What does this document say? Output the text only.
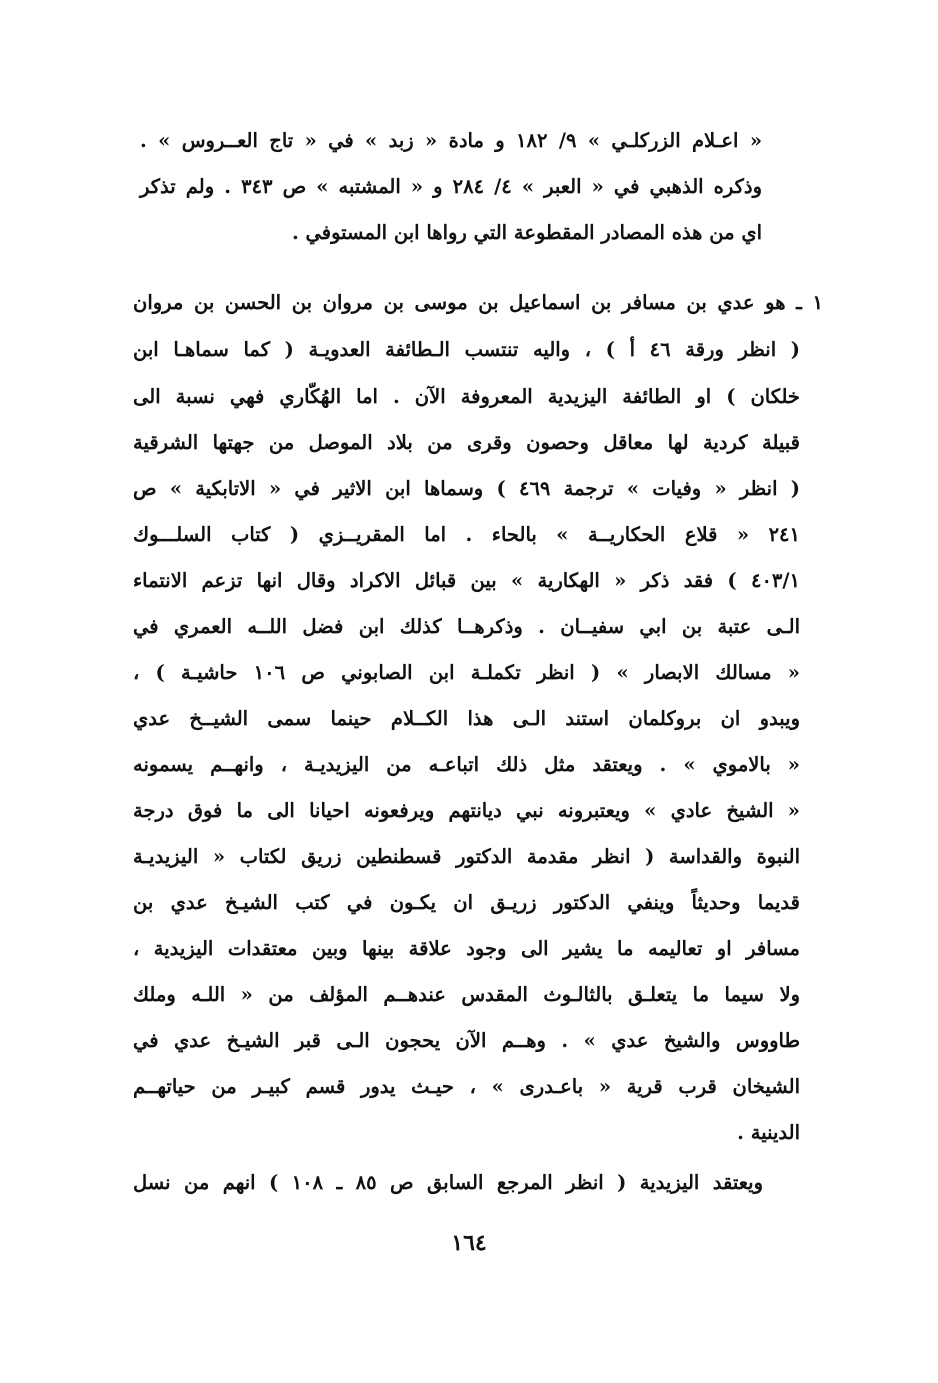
« اعـلام الزركلـي » ٩/ ١٨٢ و مادة « زبد » في « تاج العــروس » .
وذكره الذهبي في « العبر » ٤/ ٢٨٤ و « المشتبه » ص ٣٤٣ . ولم تذكر
اي من هذه المصادر المقطوعة التي رواها ابن المستوفي .
١ ـ هو عدي بن مسافر بن اسماعيل بن موسى بن مروان بن الحسن بن مروان
( انظر ورقة ٤٦ أ ) ، واليه تنتسب الـطائفة العدويـة ( كما سماهـا ابن
خلكان ) او الطائفة اليزيدية المعروفة الآن . اما الهُكّاري فهي نسبة الى
قبيلة كردية لها معاقل وحصون وقرى من بلاد الموصل من جهتها الشرقية
( انظر « وفيات » ترجمة ٤٦٩ ) وسماها ابن الاثير في « الاتابكية » ص
٢٤١ « قلاع الحكاريــة » بالحاء . اما المقريــزي ( كتاب السلـــوك
٤٠٣/١ ) فقد ذكر « الهكارية » بين قبائل الاكراد وقال انها تزعم الانتماء
الـى عتبة بن ابي سفيــان . وذكرهــا كذلك ابن فضل اللــه العمري في
« مسالك الابصار » ( انظر تكملـة ابن الصابوني ص ١٠٦ حاشيـة ) ،
ويبدو ان بروكلمان استند الـى هذا الكــلام حينما سمى الشيــخ عدي
« بالاموي » . ويعتقد مثل ذلك اتباعـه من اليزيديـة ، وانهــم يسمونه
« الشيخ عادي » ويعتبرونه نبي ديانتهم ويرفعونه احيانا الى ما فوق درجة
النبوة والقداسة ( انظر مقدمة الدكتور قسطنطين زريق لكتاب « اليزيديـة
قديما وحديثاً وينفي الدكتور زريـق ان يكـون في كتب الشيـخ عدي بن
مسافر او تعاليمه ما يشير الى وجود علاقة بينها وبين معتقدات اليزيدية ،
ولا سيما ما يتعلـق بالثالـوث المقدس عندهــم المؤلف من « اللـه وملك
طاووس والشيخ عدي » . وهــم الآن يحجون الـى قبر الشيـخ عدي في
الشيخان قرب قرية « باعـدرى » ، حيـث يدور قسم كبيـر من حياتهــم
الدينية .
ويعتقد اليزيدية ( انظر المرجع السابق ص ٨٥ ـ ١٠٨ ) انهم من نسل
١٦٤
